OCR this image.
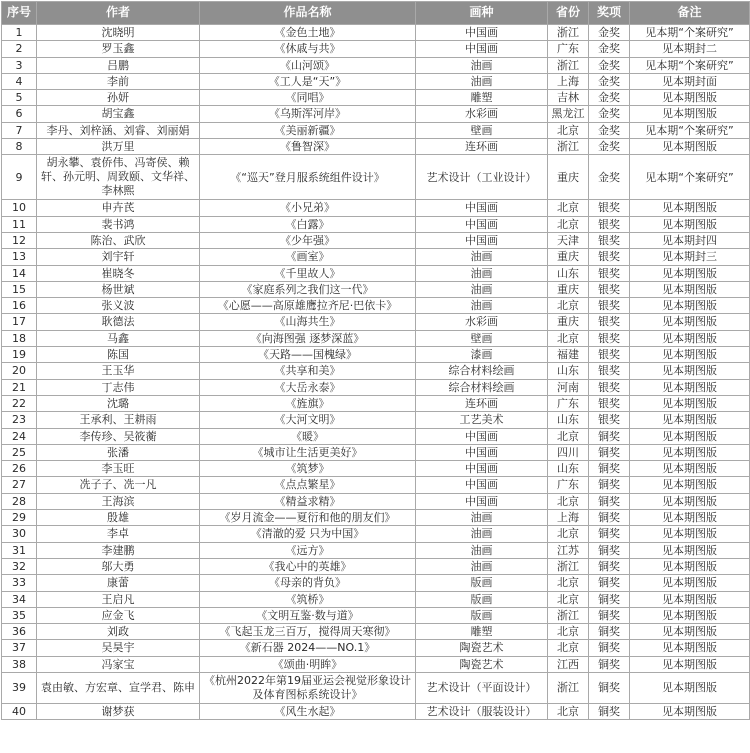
序号	作者	作品名称	画种	省份	奖项	备注
1	沈晓明	《金色土地》	中国画	浙江	金奖	见本期“个案研究”
2	罗玉鑫	《休戚与共》	中国画	广东	金奖	见本期封二
3	吕鹏	《山河颂》	油画	浙江	金奖	见本期“个案研究”
4	李前	《工人是“天”》	油画	上海	金奖	见本期封面
5	孙妍	《同唱》	雕塑	吉林	金奖	见本期图版
6	胡宝鑫	《乌斯浑河岸》	水彩画	黑龙江	金奖	见本期图版
7	李丹、刘梓涵、刘睿、刘丽娟	《美丽新疆》	壁画	北京	金奖	见本期“个案研究”
8	洪万里	《鲁智深》	连环画	浙江	金奖	见本期图版
9	胡永攀、袁侨伟、冯寄侯、赖轩、孙元明、周致颐、文华祥、李林熙	《“巡天”登月服系统组件设计》	艺术设计（工业设计）	重庆	金奖	见本期“个案研究”
10	申卉芪	《小兄弟》	中国画	北京	银奖	见本期图版
11	裴书鸿	《白露》	中国画	北京	银奖	见本期图版
12	陈治、武欣	《少年强》	中国画	天津	银奖	见本期封四
13	刘宇轩	《画室》	油画	重庆	银奖	见本期封三
14	崔晓冬	《千里故人》	油画	山东	银奖	见本期图版
15	杨世斌	《家庭系列之我们这一代》	油画	重庆	银奖	见本期图版
16	张义波	《心愿——高原雄鹰拉齐尼·巴依卡》	油画	北京	银奖	见本期图版
17	耿德法	《山海共生》	水彩画	重庆	银奖	见本期图版
18	马鑫	《向海图强 逐梦深蓝》	壁画	北京	银奖	见本期图版
19	陈国	《天路——国槐绿》	漆画	福建	银奖	见本期图版
20	王玉华	《共享和美》	综合材料绘画	山东	银奖	见本期图版
21	丁志伟	《大岳永泰》	综合材料绘画	河南	银奖	见本期图版
22	沈璐	《旌旗》	连环画	广东	银奖	见本期图版
23	王承利、王耕雨	《大河文明》	工艺美术	山东	银奖	见本期图版
24	李传珍、吴筱蘅	《暖》	中国画	北京	铜奖	见本期图版
25	张潘	《城市让生活更美好》	中国画	四川	铜奖	见本期图版
26	李玉旺	《筑梦》	中国画	山东	铜奖	见本期图版
27	冼子子、冼一凡	《点点繁星》	中国画	广东	铜奖	见本期图版
28	王海滨	《精益求精》	中国画	北京	铜奖	见本期图版
29	殷雄	《岁月流金——夏衍和他的朋友们》	油画	上海	铜奖	见本期图版
30	李卓	《清澈的爱 只为中国》	油画	北京	铜奖	见本期图版
31	李建鹏	《远方》	油画	江苏	铜奖	见本期图版
32	邬大勇	《我心中的英雄》	油画	浙江	铜奖	见本期图版
33	康蕾	《母亲的背负》	版画	北京	铜奖	见本期图版
34	王启凡	《筑桥》	版画	北京	铜奖	见本期图版
35	应金飞	《文明互鉴·数与道》	版画	浙江	铜奖	见本期图版
36	刘政	《飞起玉龙三百万，搅得周天寒彻》	雕塑	北京	铜奖	见本期图版
37	吴昊宇	《新石器 2024——NO.1》	陶瓷艺术	北京	铜奖	见本期图版
38	冯家宝	《颂曲·明眸》	陶瓷艺术	江西	铜奖	见本期图版
39	袁由敏、方宏章、宣学君、陈申	《杭州2022年第19届亚运会视觉形象设计及体育图标系统设计》	艺术设计（平面设计）	浙江	铜奖	见本期图版
40	谢梦获	《风生水起》	艺术设计（服装设计）	北京	铜奖	见本期图版
